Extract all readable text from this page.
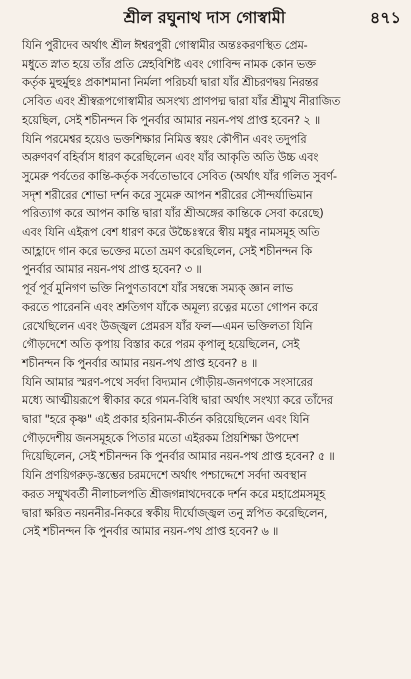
শ্রীল রঘুনাথ দাস গোস্বামী	৪৭১

যিনি পুরীদেব অর্থাৎ শ্রীল ঈশ্বরপুরী গোস্বামীর অন্তঃকরণস্থিত প্রেম-
মধুতে স্নাত হয়ে তাঁর প্রতি স্নেহবিশিষ্ট এবং গোবিন্দ নামক কোন ভক্ত
কর্তৃক মুহুর্মুহুঃ প্রকাশমানা নির্মলা পরিচর্যা দ্বারা যাঁর শ্রীচরণদ্বয় নিরন্তর
সেবিত এবং শ্রীস্বরূপগোস্বামীর অসংখ্য প্রাণপদ্ম দ্বারা যাঁর শ্রীমুখ নীরাজিত
হয়েছিল, সেই শচীনন্দন কি পুনর্বার আমার নয়ন-পথ প্রাপ্ত হবেন? ২ ॥

যিনি পরমেশ্বর হয়েও ভক্তশিক্ষার নিমিত্ত স্বয়ং কৌপীন এবং তদুপরি
অরুণবর্ণ বহির্বাস ধারণ করেছিলেন এবং যাঁর আকৃতি অতি উচ্চ এবং
সুমেরু পর্বতের কান্তি-কর্তৃক সর্বতোভাবে সেবিত (অর্থাৎ যাঁর গলিত সুবর্ণ-
সদৃশ শরীরের শোভা দর্শন করে সুমেরু আপন শরীরের সৌন্দর্যাভিমান
পরিত্যাগ করে আপন কান্তি দ্বারা যাঁর শ্রীঅঙ্গের কান্তিকে সেবা করেছে)
এবং যিনি এইরূপ বেশ ধারণ করে উচ্চৈঃস্বরে স্বীয় মধুর নামসমূহ অতি
আহ্লাদে গান করে ভক্তের মতো ভ্রমণ করেছিলেন, সেই শচীনন্দন কি
পুনর্বার আমার নয়ন-পথ প্রাপ্ত হবেন? ৩ ॥

পূর্ব পূর্ব মুনিগণ ভক্তি নিপুণতাবশে যাঁর সম্বন্ধে সম্যক্ জ্ঞান লাভ
করতে পারেননি এবং শ্রুতিগণ যাঁকে অমূল্য রত্নের মতো গোপন করে
রেখেছিলেন এবং উজ্জ্বল প্রেমরস যাঁর ফল—এমন ভক্তিলতা যিনি
গৌড়দেশে অতি কৃপায় বিস্তার করে পরম কৃপালু হয়েছিলেন, সেই
শচীনন্দন কি পুনর্বার আমার নয়ন-পথ প্রাপ্ত হবেন? ৪ ॥

যিনি আমার স্মরণ-পথে সর্বদা বিদ্যমান গৌড়ীয়-জনগণকে সংসারের
মধ্যে আত্মীয়রূপে স্বীকার করে গমন-বিধি দ্বারা অর্থাৎ সংখ্যা করে তাঁদের
দ্বারা "হরে কৃষ্ণ" এই প্রকার হরিনাম-কীর্তন করিয়েছিলেন এবং যিনি
গৌড়দেশীয় জনসমূহকে পিতার মতো এইরকম প্রিয়শিক্ষা উপদেশ
দিয়েছিলেন, সেই শচীনন্দন কি পুনর্বার আমার নয়ন-পথ প্রাপ্ত হবেন? ৫ ॥

যিনি প্রণয়িগরুড়-স্তম্ভের চরমদেশে অর্থাৎ পশ্চাদ্দেশে সর্বদা অবস্থান
করত সম্মুখবর্তী নীলাচলপতি শ্রীজগন্নাথদেবকে দর্শন করে মহাপ্রেমসমূহ
দ্বারা ক্ষরিত নয়ননীর-নিকরে স্বকীয় দীর্ঘোজ্জ্বল তনু স্নপিত করেছিলেন,
সেই শচীনন্দন কি পুনর্বার আমার নয়ন-পথ প্রাপ্ত হবেন? ৬ ॥
